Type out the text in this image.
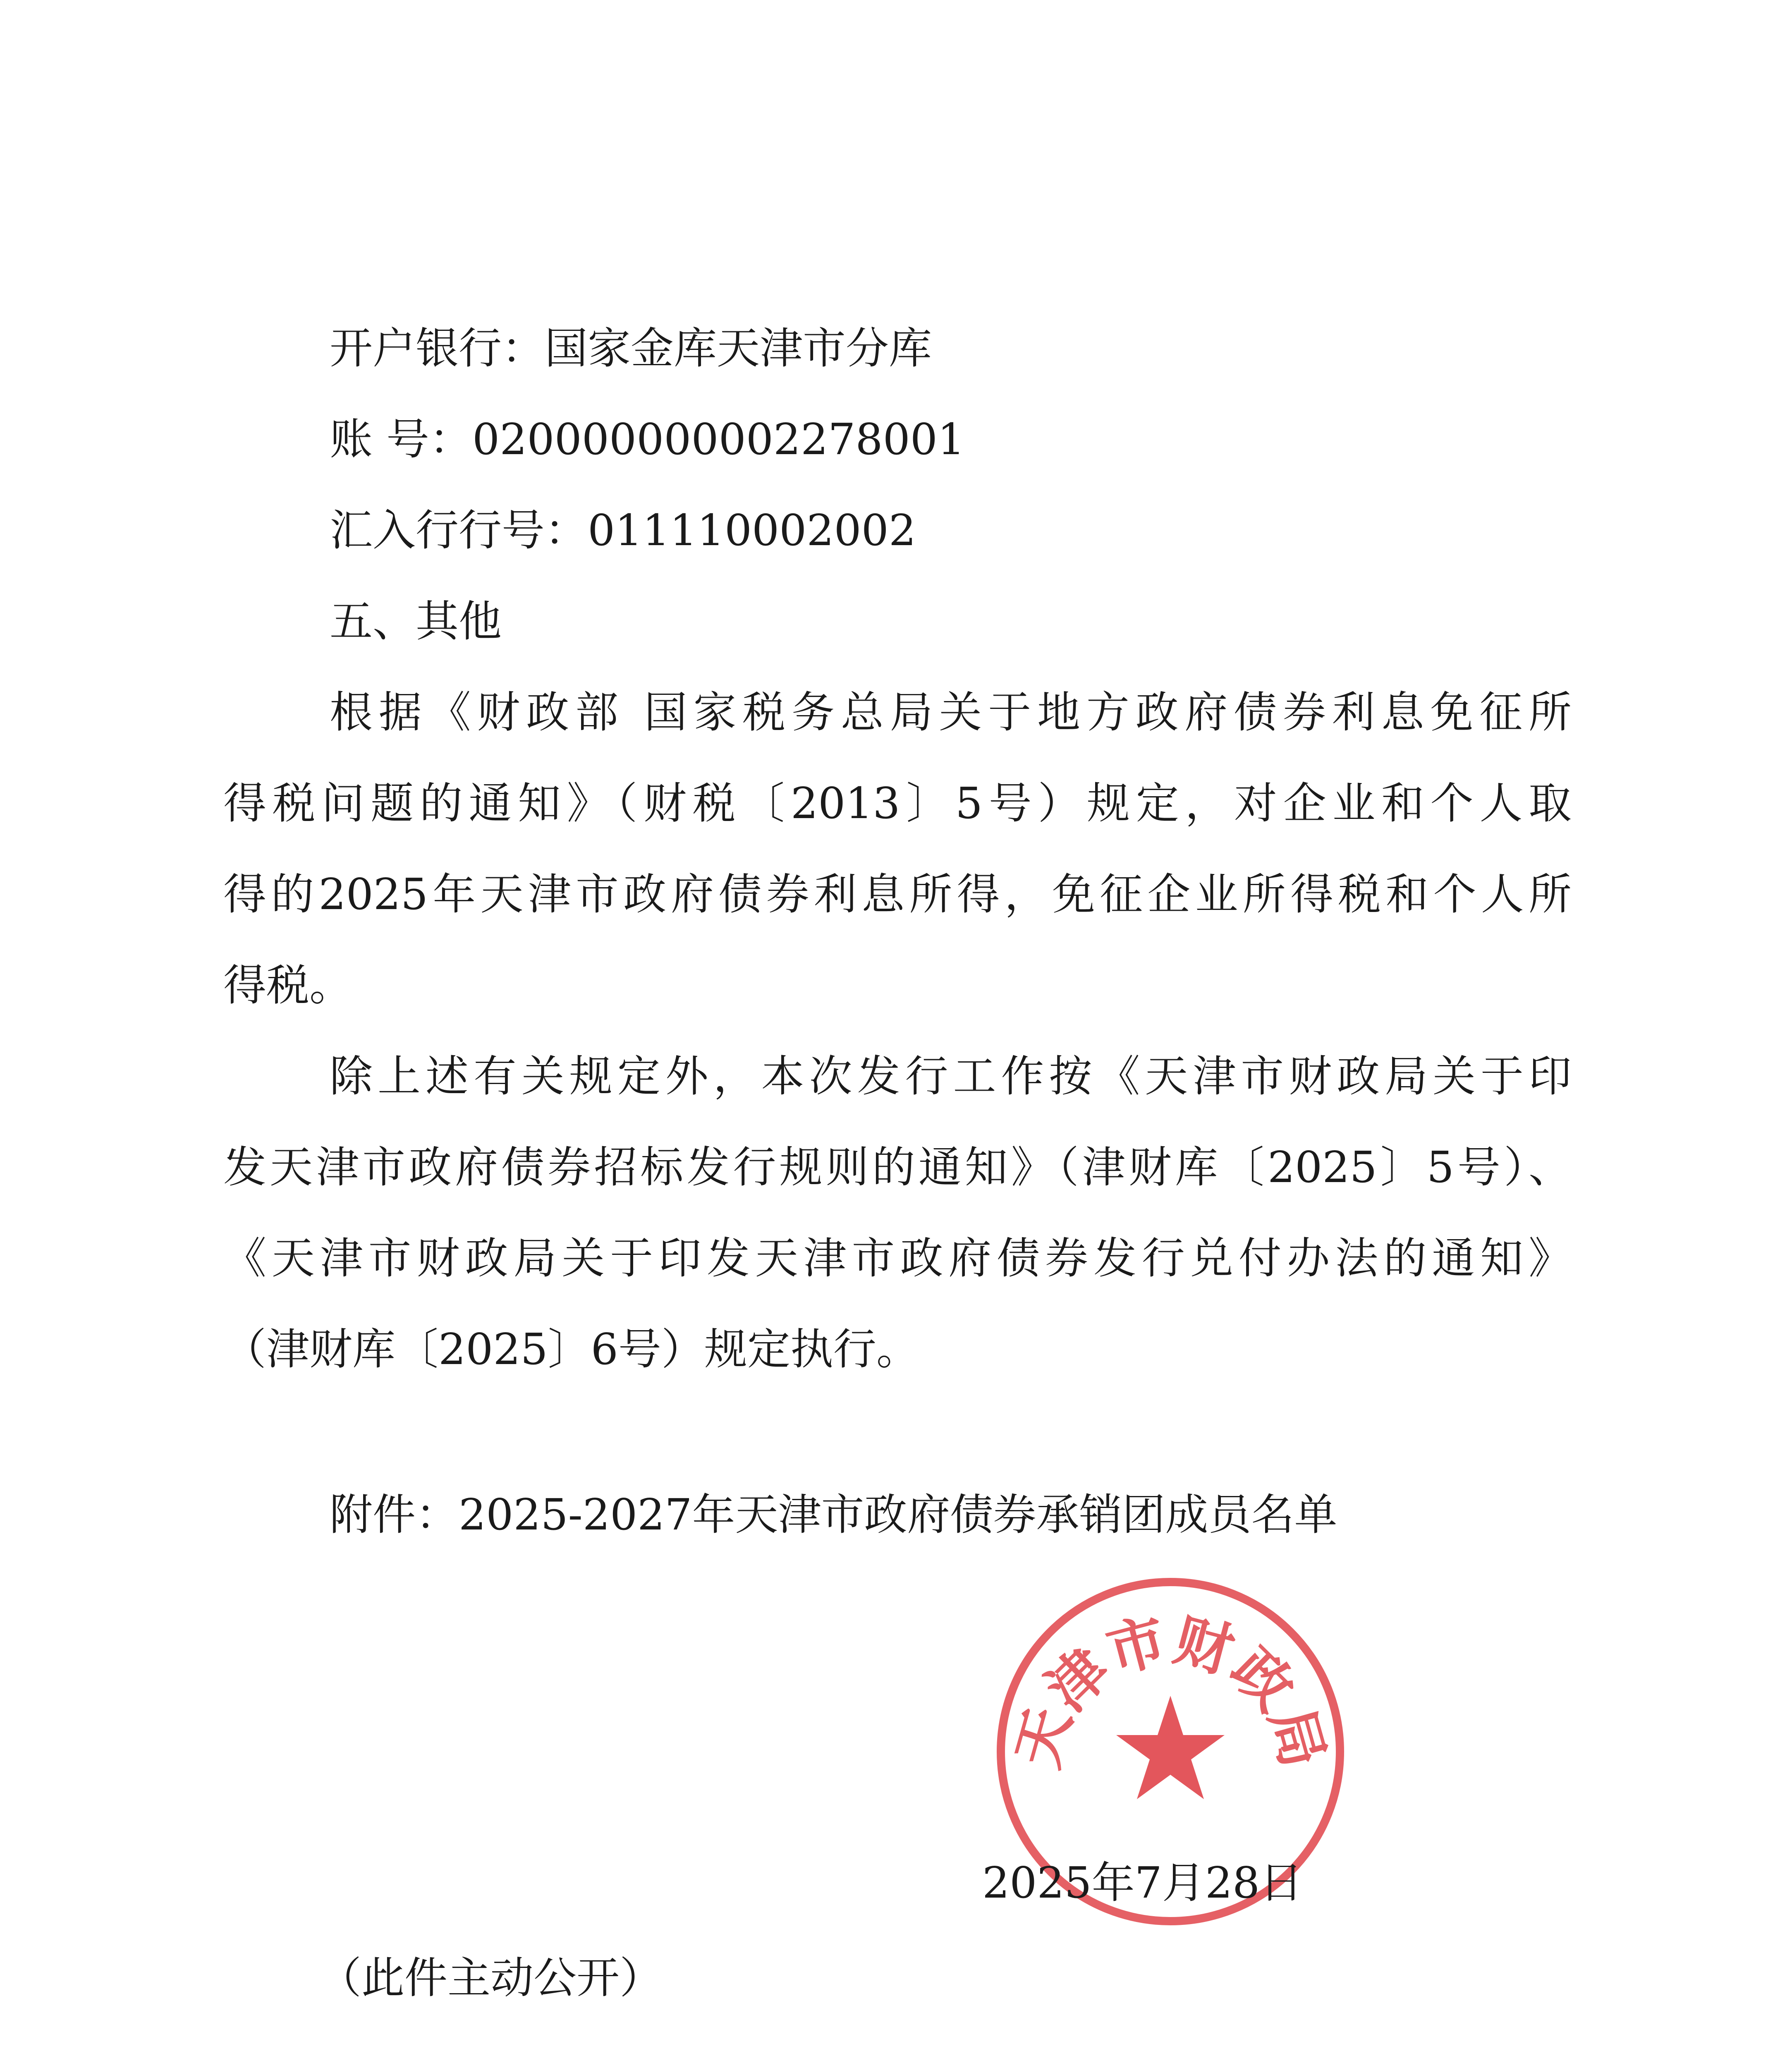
开户银行：国家金库天津市分库
账 号：020000000002278001
汇入行行号：011110002002
五、其他
根据《财政部 国家税务总局关于地方政府债券利息免征所
得税问题的通知》（财税〔2013〕5号）规定，对企业和个人取
得的2025年天津市政府债券利息所得，免征企业所得税和个人所
得税。
除上述有关规定外，本次发行工作按《天津市财政局关于印
发天津市政府债券招标发行规则的通知》（津财库〔2025〕5号）、
《天津市财政局关于印发天津市政府债券发行兑付办法的通知》
（津财库〔2025〕6号）规定执行。
附件：2025-2027年天津市政府债券承销团成员名单
天津市财政局
2025年7月28日
（此件主动公开）
